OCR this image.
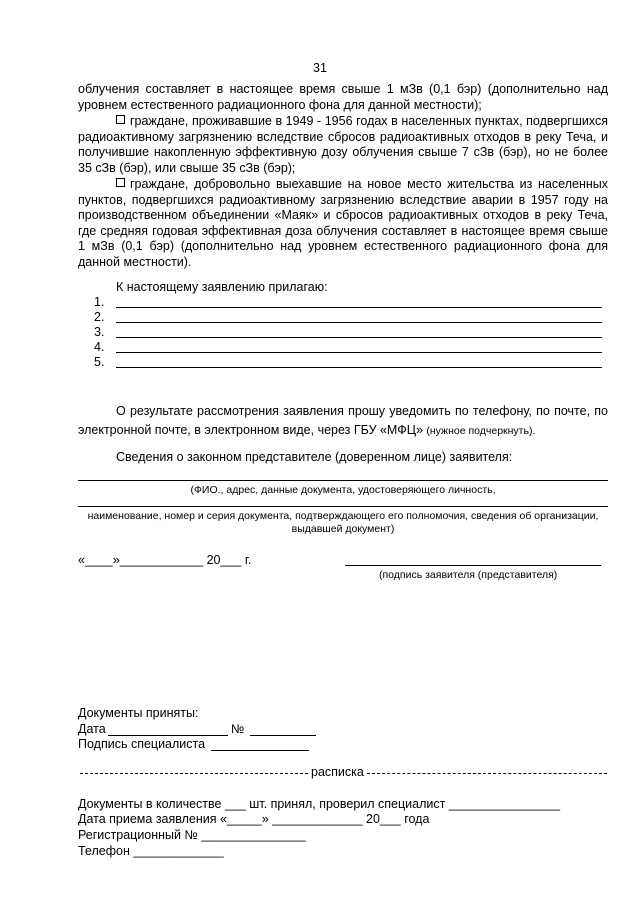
31
облучения составляет в настоящее время свыше 1 мЗв (0,1 бэр) (дополнительно над уровнем естественного радиационного фона для данной местности);
граждане, проживавшие в 1949 - 1956 годах в населенных пунктах, подвергшихся радиоактивному загрязнению вследствие сбросов радиоактивных отходов в реку Теча, и получившие накопленную эффективную дозу облучения свыше 7 сЗв (бэр), но не более 35 сЗв (бэр), или свыше 35 сЗв (бэр);
граждане, добровольно выехавшие на новое место жительства из населенных пунктов, подвергшихся радиоактивному загрязнению вследствие аварии в 1957 году на производственном объединении «Маяк» и сбросов радиоактивных отходов в реку Теча, где средняя годовая эффективная доза облучения составляет в настоящее время свыше 1 мЗв (0,1 бэр) (дополнительно над уровнем естественного радиационного фона для данной местности).
К настоящему заявлению прилагаю:
1.
2.
3.
4.
5.
О результате рассмотрения заявления прошу уведомить по телефону, по почте, по электронной почте, в электронном виде, через ГБУ «МФЦ» (нужное подчеркнуть).
Сведения о законном представителе (доверенном лице) заявителя:
(ФИО., адрес, данные документа, удостоверяющего личность,
наименование, номер и серия документа, подтверждающего его полномочия, сведения об организации,
выдавшей документ)
«____»____________ 20___ г.
(подпись заявителя (представителя)
Документы приняты:
Дата	№
Подпись специалиста
расписка
Документы в количестве ___ шт. принял, проверил специалист ________________
Дата приема заявления «_____» _____________ 20___ года
Регистрационный № _______________
Телефон _____________
